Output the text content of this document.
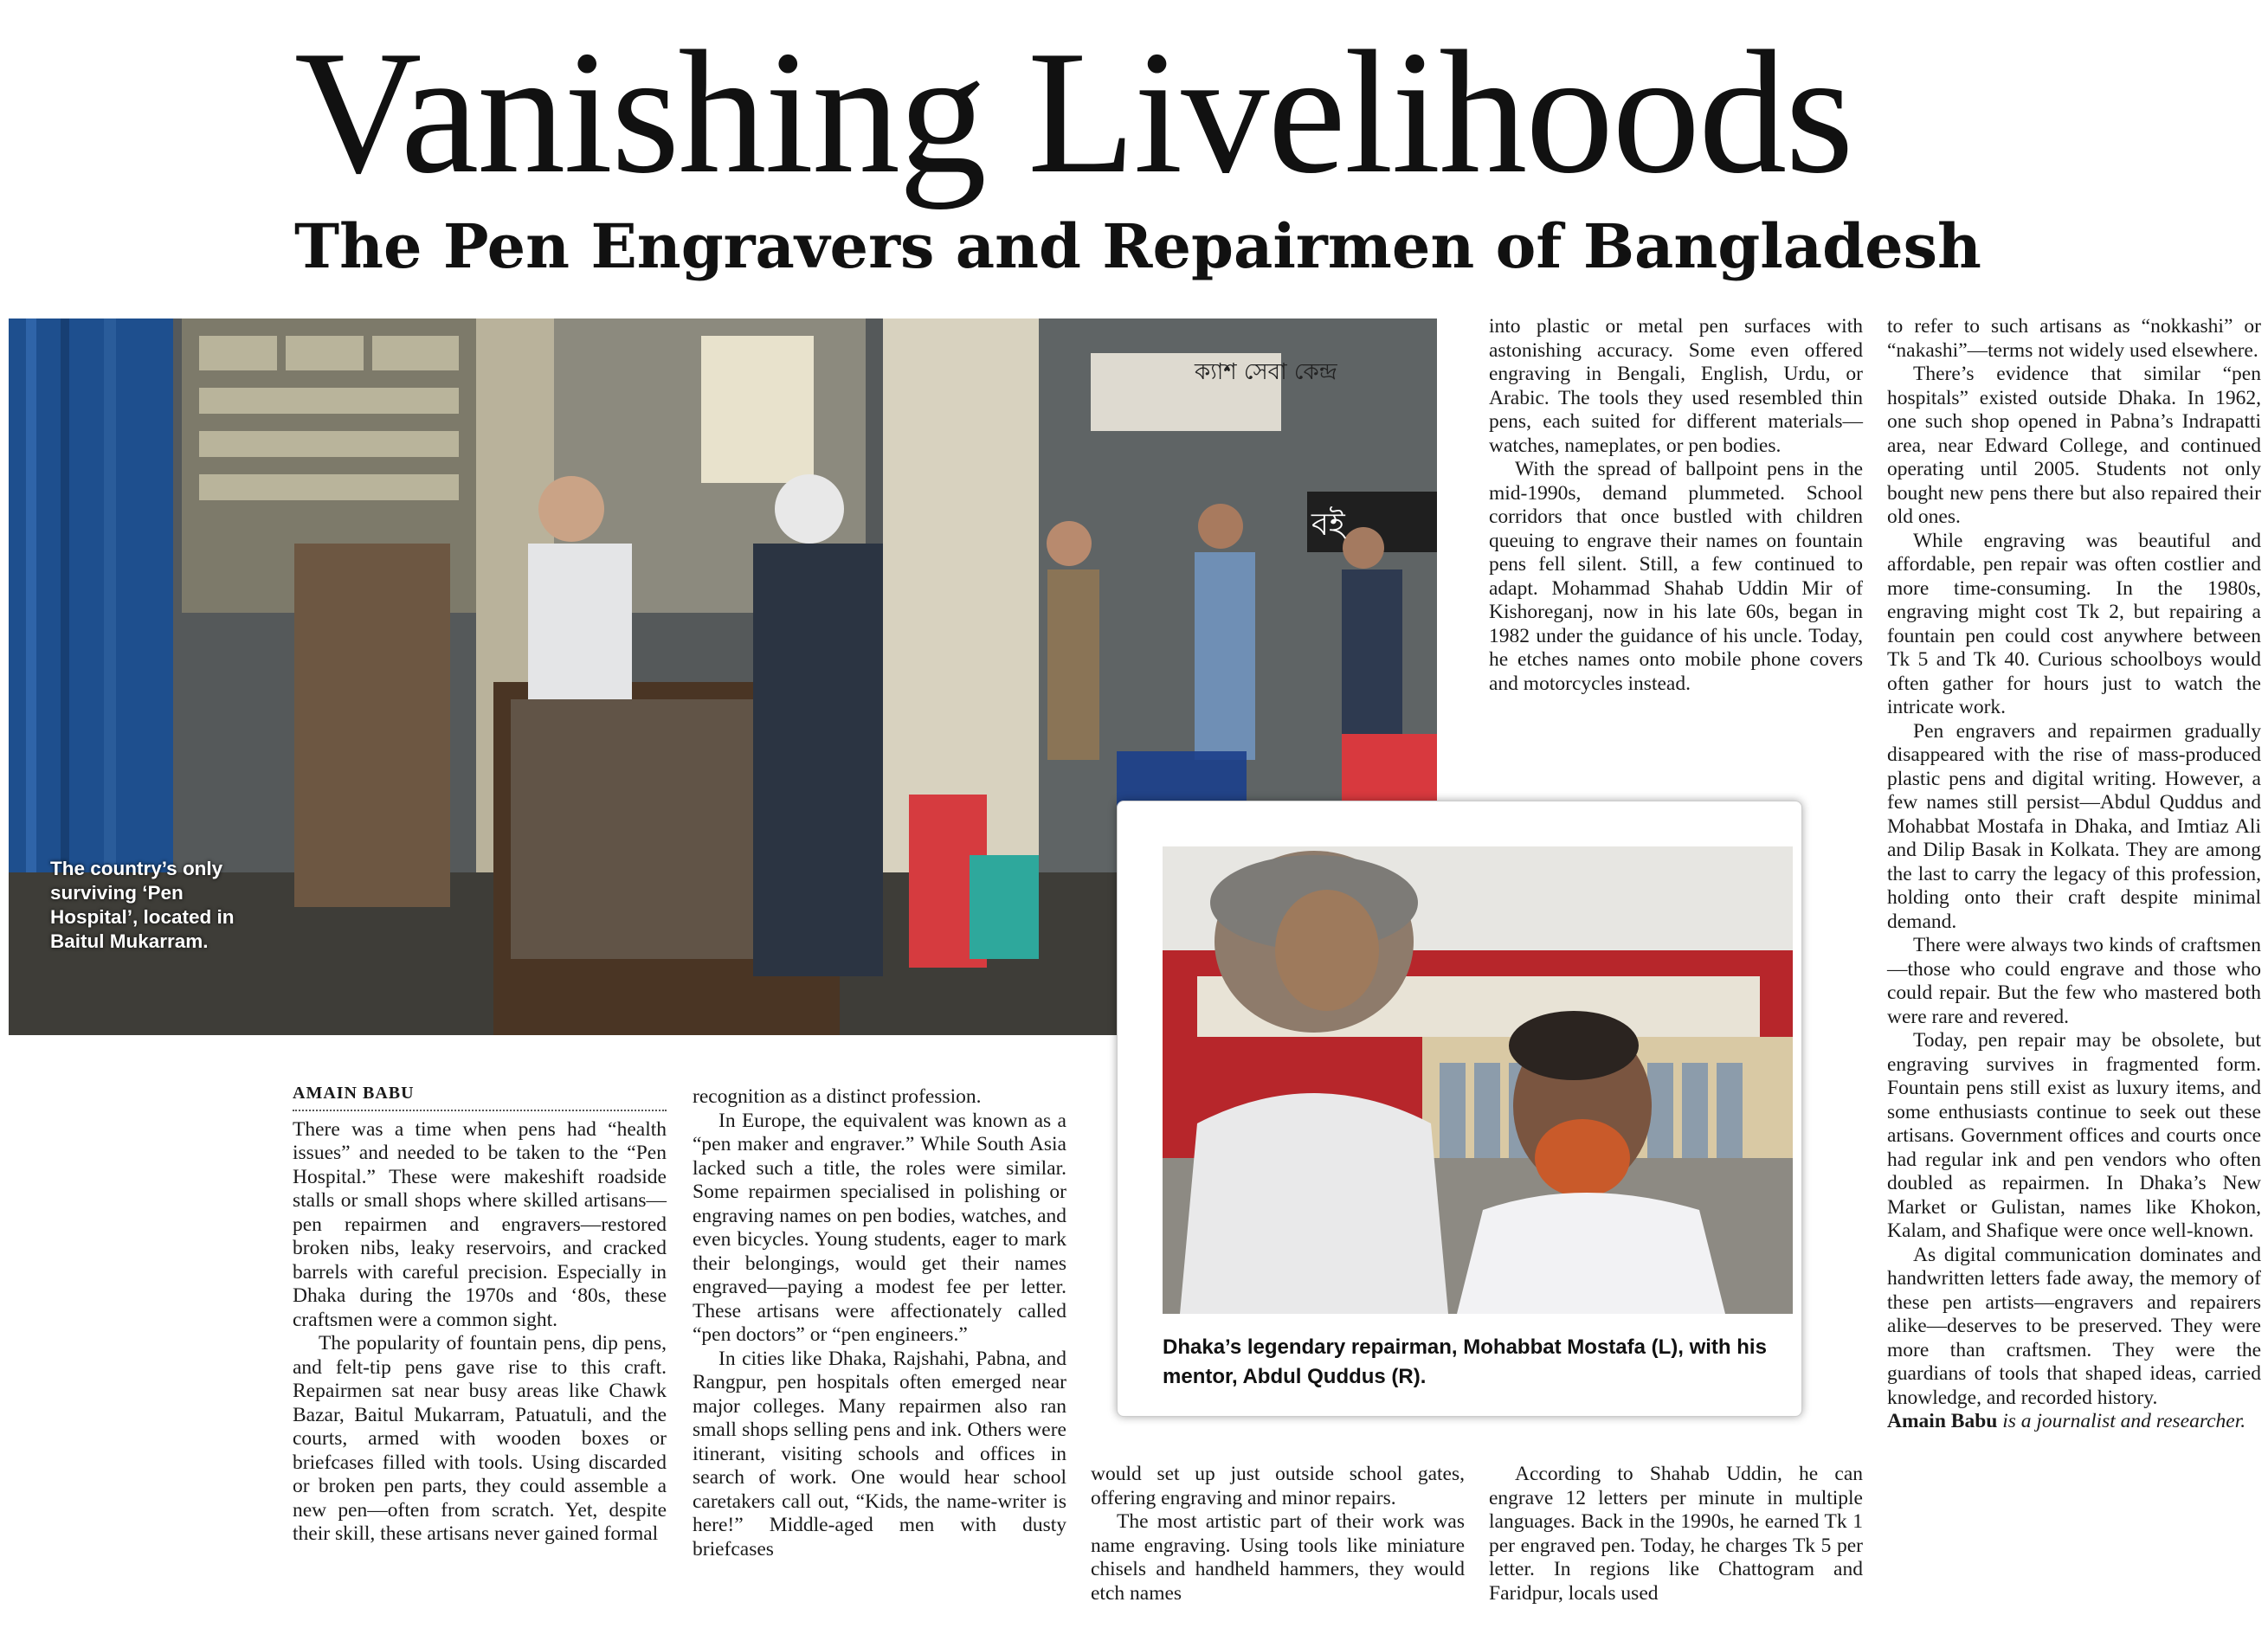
Vanishing Livelihoods
The Pen Engravers and Repairmen of Bangladesh
ক্যাশ সেবা কেন্দ্র
বই
The country’s only surviving ‘Pen Hospital’, located in Baitul Mukarram.
Dhaka’s legendary repairman, Mohabbat Mostafa (L), with his mentor, Abdul Quddus (R).
AMAIN BABU

There was a time when pens had “health issues” and needed to be taken to the “Pen Hospital.” These were makeshift roadside stalls or small shops where skilled artisans—pen repairmen and engravers—restored broken nibs, leaky reservoirs, and cracked barrels with careful precision. Especially in Dhaka during the 1970s and ‘80s, these craftsmen were a common sight.

The popularity of fountain pens, dip pens, and felt-tip pens gave rise to this craft. Repairmen sat near busy areas like Chawk Bazar, Baitul Mukarram, Patuatuli, and the courts, armed with wooden boxes or briefcases filled with tools. Using discarded or broken pen parts, they could assemble a new pen—often from scratch. Yet, despite their skill, these artisans never gained formal

recognition as a distinct profession.

In Europe, the equivalent was known as a “pen maker and engraver.” While South Asia lacked such a title, the roles were similar. Some repairmen specialised in polishing or engraving names on pen bodies, watches, and even bicycles. Young students, eager to mark their belongings, would get their names engraved—paying a modest fee per letter. These artisans were affectionately called “pen doctors” or “pen engineers.”

In cities like Dhaka, Rajshahi, Pabna, and Rangpur, pen hospitals often emerged near major colleges. Many repairmen also ran small shops selling pens and ink. Others were itinerant, visiting schools and offices in search of work. One would hear school caretakers call out, “Kids, the name-writer is here!” Middle-aged men with dusty briefcases

would set up just outside school gates, offering engraving and minor repairs.

The most artistic part of their work was name engraving. Using tools like miniature chisels and handheld hammers, they would etch names

into plastic or metal pen surfaces with astonishing accuracy. Some even offered engraving in Bengali, English, Urdu, or Arabic. The tools they used resembled thin pens, each suited for different materials—watches, nameplates, or pen bodies.

With the spread of ballpoint pens in the mid-1990s, demand plummeted. School corridors that once bustled with children queuing to engrave their names on fountain pens fell silent. Still, a few continued to adapt. Mohammad Shahab Uddin Mir of Kishoreganj, now in his late 60s, began in 1982 under the guidance of his uncle. Today, he etches names onto mobile phone covers and motorcycles instead.

According to Shahab Uddin, he can engrave 12 letters per minute in multiple languages. Back in the 1990s, he earned Tk 1 per engraved pen. Today, he charges Tk 5 per letter. In regions like Chattogram and Faridpur, locals used

to refer to such artisans as “nokkashi” or “nakashi”—terms not widely used elsewhere.

There’s evidence that similar “pen hospitals” existed outside Dhaka. In 1962, one such shop opened in Pabna’s Indrapatti area, near Edward College, and continued operating until 2005. Students not only bought new pens there but also repaired their old ones.

While engraving was beautiful and affordable, pen repair was often costlier and more time-consuming. In the 1980s, engraving might cost Tk 2, but repairing a fountain pen could cost anywhere between Tk 5 and Tk 40. Curious schoolboys would often gather for hours just to watch the intricate work.

Pen engravers and repairmen gradually disappeared with the rise of mass-produced plastic pens and digital writing. However, a few names still persist—Abdul Quddus and Mohabbat Mostafa in Dhaka, and Imtiaz Ali and Dilip Basak in Kolkata. They are among the last to carry the legacy of this profession, holding onto their craft despite minimal demand.

There were always two kinds of craftsmen—those who could engrave and those who could repair. But the few who mastered both were rare and revered.

Today, pen repair may be obsolete, but engraving survives in fragmented form. Fountain pens still exist as luxury items, and some enthusiasts continue to seek out these artisans. Government offices and courts once had regular ink and pen vendors who often doubled as repairmen. In Dhaka’s New Market or Gulistan, names like Khokon, Kalam, and Shafique were once well-known.

As digital communication dominates and handwritten letters fade away, the memory of these pen artists—engravers and repairers alike—deserves to be preserved. They were more than craftsmen. They were the guardians of tools that shaped ideas, carried knowledge, and recorded history.

Amain Babu is a journalist and researcher.
